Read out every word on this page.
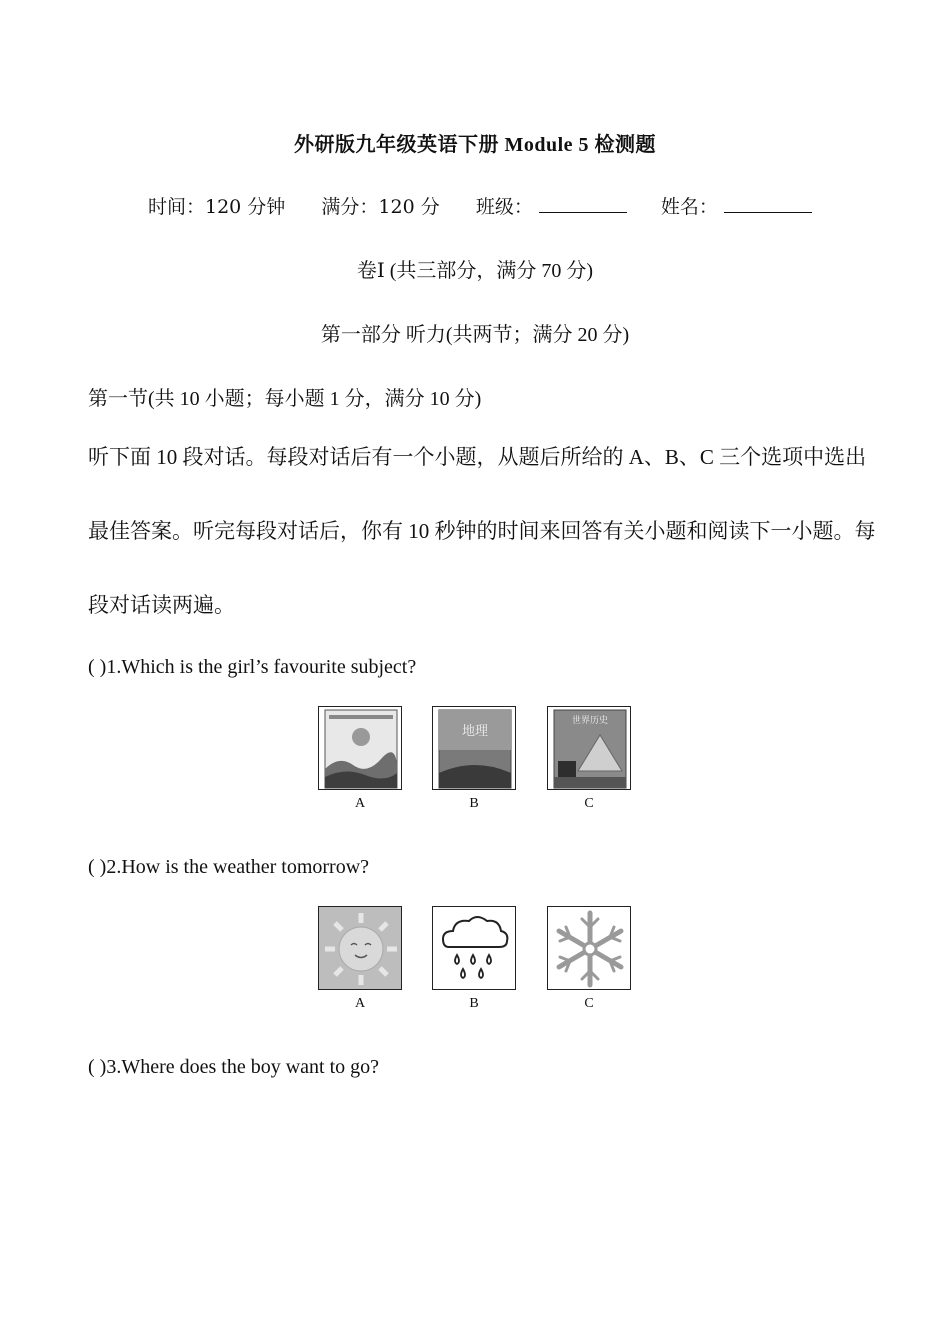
外研版九年级英语下册 Module 5 检测题
时间：120 分钟 满分：120 分 班级：	姓名：
卷Ⅰ (共三部分，满分 70 分)
第一部分 听力(共两节；满分 20 分)
第一节(共 10 小题；每小题 1 分，满分 10 分)
听下面 10 段对话。每段对话后有一个小题，从题后所给的 A、B、C 三个选项中选出最佳答案。听完每段对话后，你有 10 秒钟的时间来回答有关小题和阅读下一小题。每段对话读两遍。
( )1.Which is the girl’s favourite subject?
地理
世界历史
A	B	C
( )2.How is the weather tomorrow?
A	B	C
( )3.Where does the boy want to go?
